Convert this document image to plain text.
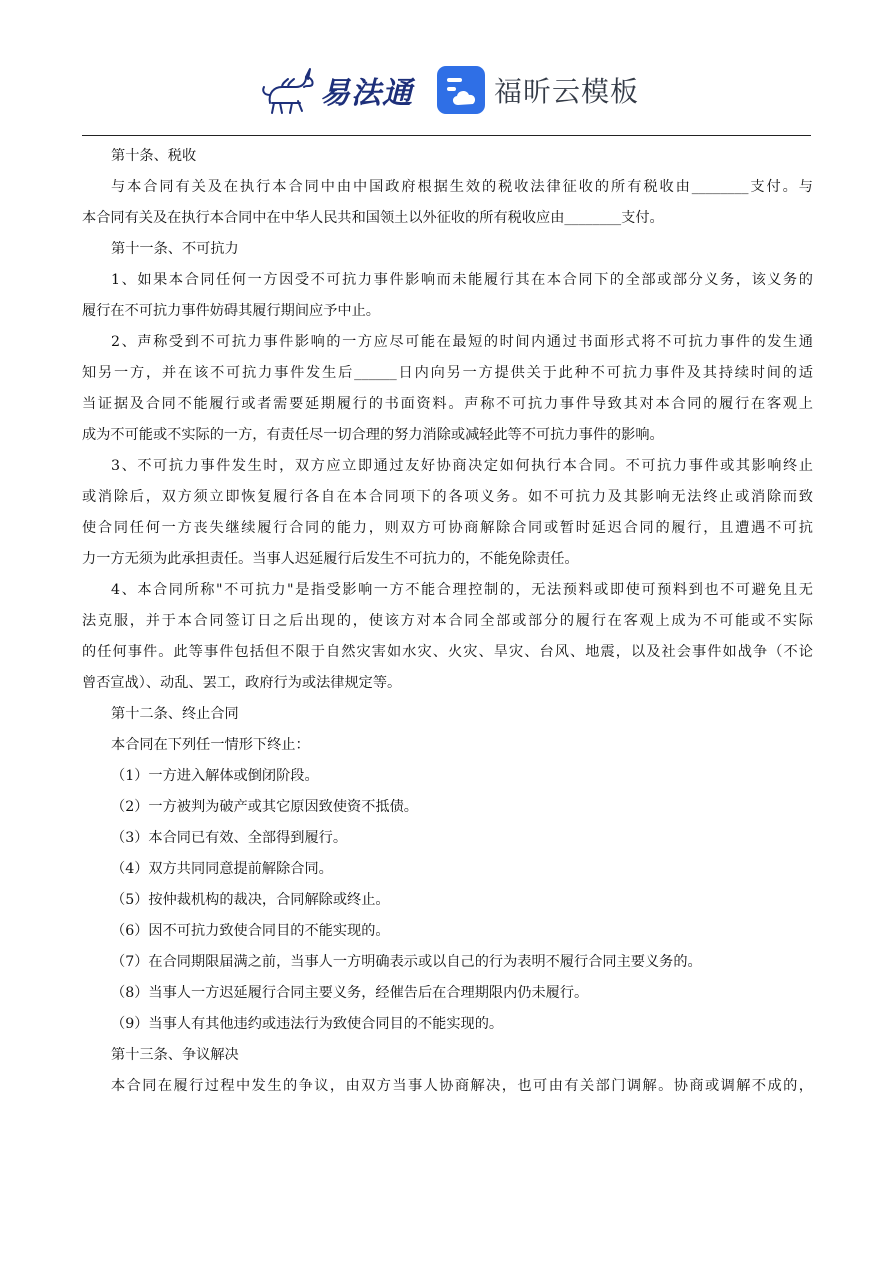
易法通	福昕云模板
第十条、税收
与本合同有关及在执行本合同中由中国政府根据生效的税收法律征收的所有税收由________支付。与
本合同有关及在执行本合同中在中华人民共和国领土以外征收的所有税收应由________支付。
第十一条、不可抗力
1、如果本合同任何一方因受不可抗力事件影响而未能履行其在本合同下的全部或部分义务，该义务的
履行在不可抗力事件妨碍其履行期间应予中止。
2、声称受到不可抗力事件影响的一方应尽可能在最短的时间内通过书面形式将不可抗力事件的发生通
知另一方，并在该不可抗力事件发生后______日内向另一方提供关于此种不可抗力事件及其持续时间的适
当证据及合同不能履行或者需要延期履行的书面资料。声称不可抗力事件导致其对本合同的履行在客观上
成为不可能或不实际的一方，有责任尽一切合理的努力消除或减轻此等不可抗力事件的影响。
3、不可抗力事件发生时，双方应立即通过友好协商决定如何执行本合同。不可抗力事件或其影响终止
或消除后，双方须立即恢复履行各自在本合同项下的各项义务。如不可抗力及其影响无法终止或消除而致
使合同任何一方丧失继续履行合同的能力，则双方可协商解除合同或暂时延迟合同的履行，且遭遇不可抗
力一方无须为此承担责任。当事人迟延履行后发生不可抗力的，不能免除责任。
4、本合同所称"不可抗力"是指受影响一方不能合理控制的，无法预料或即使可预料到也不可避免且无
法克服，并于本合同签订日之后出现的，使该方对本合同全部或部分的履行在客观上成为不可能或不实际
的任何事件。此等事件包括但不限于自然灾害如水灾、火灾、旱灾、台风、地震，以及社会事件如战争（不论
曾否宣战）、动乱、罢工，政府行为或法律规定等。
第十二条、终止合同
本合同在下列任一情形下终止：
（1）一方进入解体或倒闭阶段。
（2）一方被判为破产或其它原因致使资不抵债。
（3）本合同已有效、全部得到履行。
（4）双方共同同意提前解除合同。
（5）按仲裁机构的裁决，合同解除或终止。
（6）因不可抗力致使合同目的不能实现的。
（7）在合同期限届满之前，当事人一方明确表示或以自己的行为表明不履行合同主要义务的。
（8）当事人一方迟延履行合同主要义务，经催告后在合理期限内仍未履行。
（9）当事人有其他违约或违法行为致使合同目的不能实现的。
第十三条、争议解决
本合同在履行过程中发生的争议，由双方当事人协商解决，也可由有关部门调解。协商或调解不成的，
